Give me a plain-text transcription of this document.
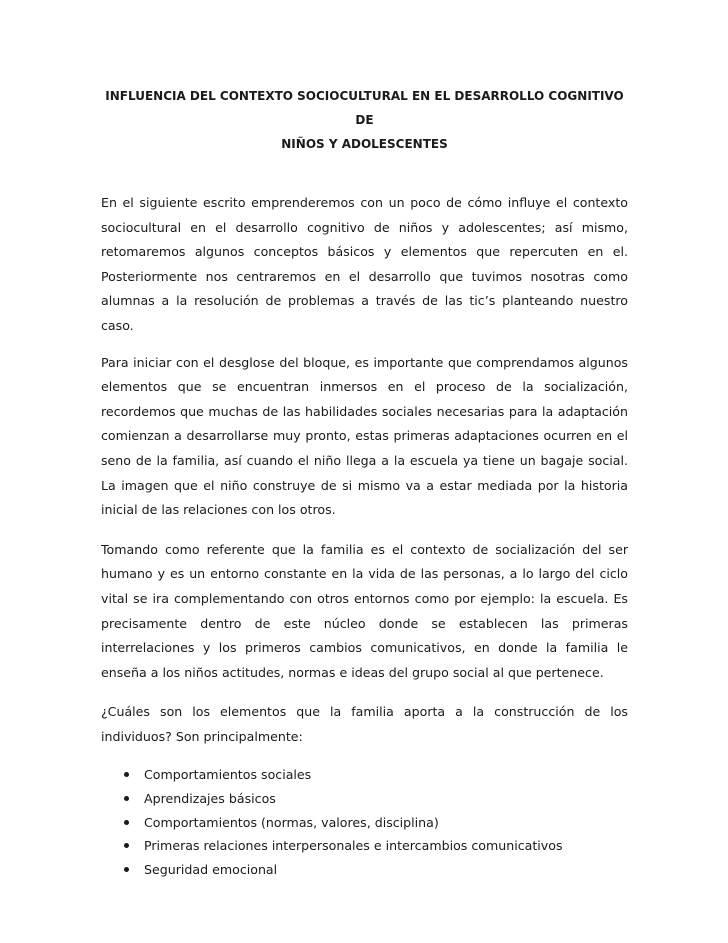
INFLUENCIA DEL CONTEXTO SOCIOCULTURAL EN EL DESARROLLO COGNITIVO DE
NIÑOS Y ADOLESCENTES

En el siguiente escrito emprenderemos con un poco de cómo influye el contexto sociocultural en el desarrollo cognitivo de niños y adolescentes; así mismo, retomaremos algunos conceptos básicos y elementos que repercuten en el. Posteriormente nos centraremos en el desarrollo que tuvimos nosotras como alumnas a la resolución de problemas a través de las tic’s planteando nuestro caso.

Para iniciar con el desglose del bloque, es importante que comprendamos algunos elementos que se encuentran inmersos en el proceso de la socialización, recordemos que muchas de las habilidades sociales necesarias para la adaptación comienzan a desarrollarse muy pronto, estas primeras adaptaciones ocurren en el seno de la familia, así cuando el niño llega a la escuela ya tiene un bagaje social. La imagen que el niño construye de si mismo va a estar mediada por la historia inicial de las relaciones con los otros.

Tomando como referente que la familia es el contexto de socialización del ser humano y es un entorno constante en la vida de las personas, a lo largo del ciclo vital se ira complementando con otros entornos como por ejemplo: la escuela. Es precisamente dentro de este núcleo donde se establecen las primeras interrelaciones y los primeros cambios comunicativos, en donde la familia le enseña a los niños actitudes, normas e ideas del grupo social al que pertenece.

¿Cuáles son los elementos que la familia aporta a la construcción de los individuos? Son principalmente:

Comportamientos sociales
Aprendizajes básicos
Comportamientos (normas, valores, disciplina)
Primeras relaciones interpersonales e intercambios comunicativos
Seguridad emocional
